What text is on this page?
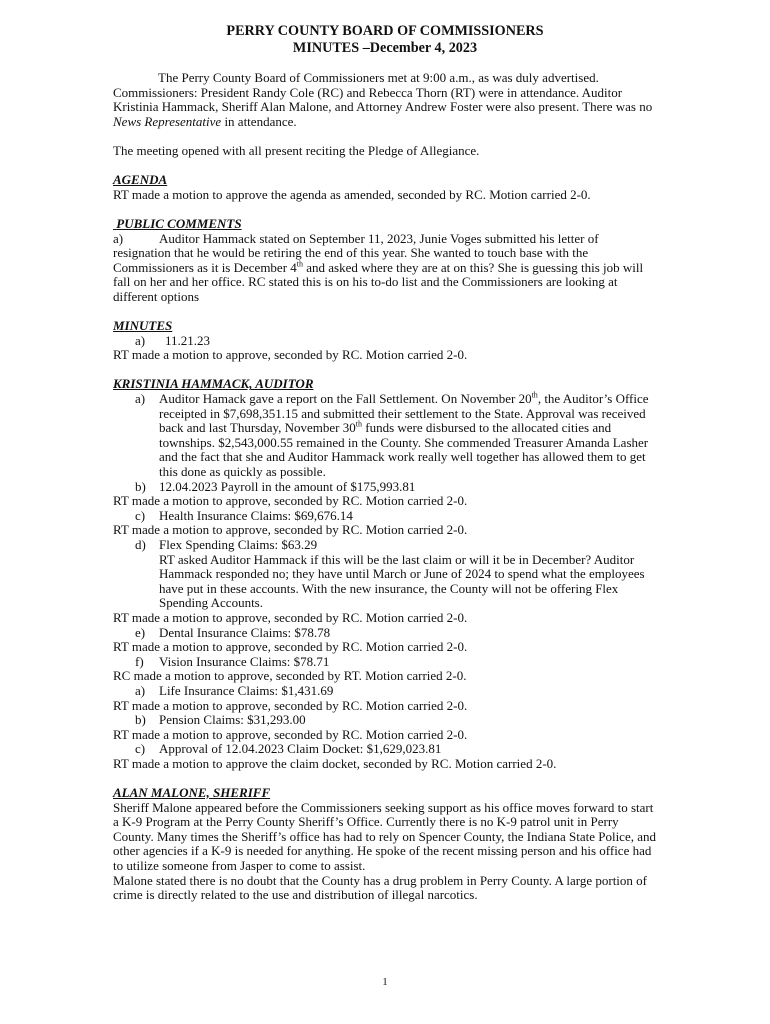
PERRY COUNTY BOARD OF COMMISSIONERS
MINUTES –December 4, 2023

The Perry County Board of Commissioners met at 9:00 a.m., as was duly advertised. Commissioners: President Randy Cole (RC) and Rebecca Thorn (RT) were in attendance. Auditor Kristinia Hammack, Sheriff Alan Malone, and Attorney Andrew Foster were also present. There was no News Representative in attendance.

The meeting opened with all present reciting the Pledge of Allegiance.

AGENDA

RT made a motion to approve the agenda as amended, seconded by RC. Motion carried 2-0.

PUBLIC COMMENTS

a)	Auditor Hammack stated on September 11, 2023, Junie Voges submitted his letter of resignation that he would be retiring the end of this year. She wanted to touch base with the Commissioners as it is December 4th and asked where they are at on this? She is guessing this job will fall on her and her office. RC stated this is on his to-do list and the Commissioners are looking at different options

MINUTES

a)	11.21.23

RT made a motion to approve, seconded by RC. Motion carried 2-0.

KRISTINIA HAMMACK, AUDITOR

a)	Auditor Hamack gave a report on the Fall Settlement. On November 20th, the Auditor’s Office receipted in $7,698,351.15 and submitted their settlement to the State. Approval was received back and last Thursday, November 30th funds were disbursed to the allocated cities and townships. $2,543,000.55 remained in the County. She commended Treasurer Amanda Lasher and the fact that she and Auditor Hammack work really well together has allowed them to get this done as quickly as possible.
b)	12.04.2023 Payroll in the amount of $175,993.81

RT made a motion to approve, seconded by RC. Motion carried 2-0.

c)	Health Insurance Claims: $69,676.14

RT made a motion to approve, seconded by RC. Motion carried 2-0.

d)	Flex Spending Claims: $63.29

RT asked Auditor Hammack if this will be the last claim or will it be in December? Auditor Hammack responded no; they have until March or June of 2024 to spend what the employees have put in these accounts. With the new insurance, the County will not be offering Flex Spending Accounts.

RT made a motion to approve, seconded by RC. Motion carried 2-0.

e)	Dental Insurance Claims: $78.78

RT made a motion to approve, seconded by RC. Motion carried 2-0.

f)	Vision Insurance Claims: $78.71

RC made a motion to approve, seconded by RT. Motion carried 2-0.

a)	Life Insurance Claims: $1,431.69

RT made a motion to approve, seconded by RC. Motion carried 2-0.

b)	Pension Claims: $31,293.00

RT made a motion to approve, seconded by RC. Motion carried 2-0.

c)	Approval of 12.04.2023 Claim Docket: $1,629,023.81

RT made a motion to approve the claim docket, seconded by RC. Motion carried 2-0.

ALAN MALONE, SHERIFF

Sheriff Malone appeared before the Commissioners seeking support as his office moves forward to start a K-9 Program at the Perry County Sheriff’s Office. Currently there is no K-9 patrol unit in Perry County. Many times the Sheriff’s office has had to rely on Spencer County, the Indiana State Police, and other agencies if a K-9 is needed for anything. He spoke of the recent missing person and his office had to utilize someone from Jasper to come to assist.

Malone stated there is no doubt that the County has a drug problem in Perry County. A large portion of crime is directly related to the use and distribution of illegal narcotics.

1
